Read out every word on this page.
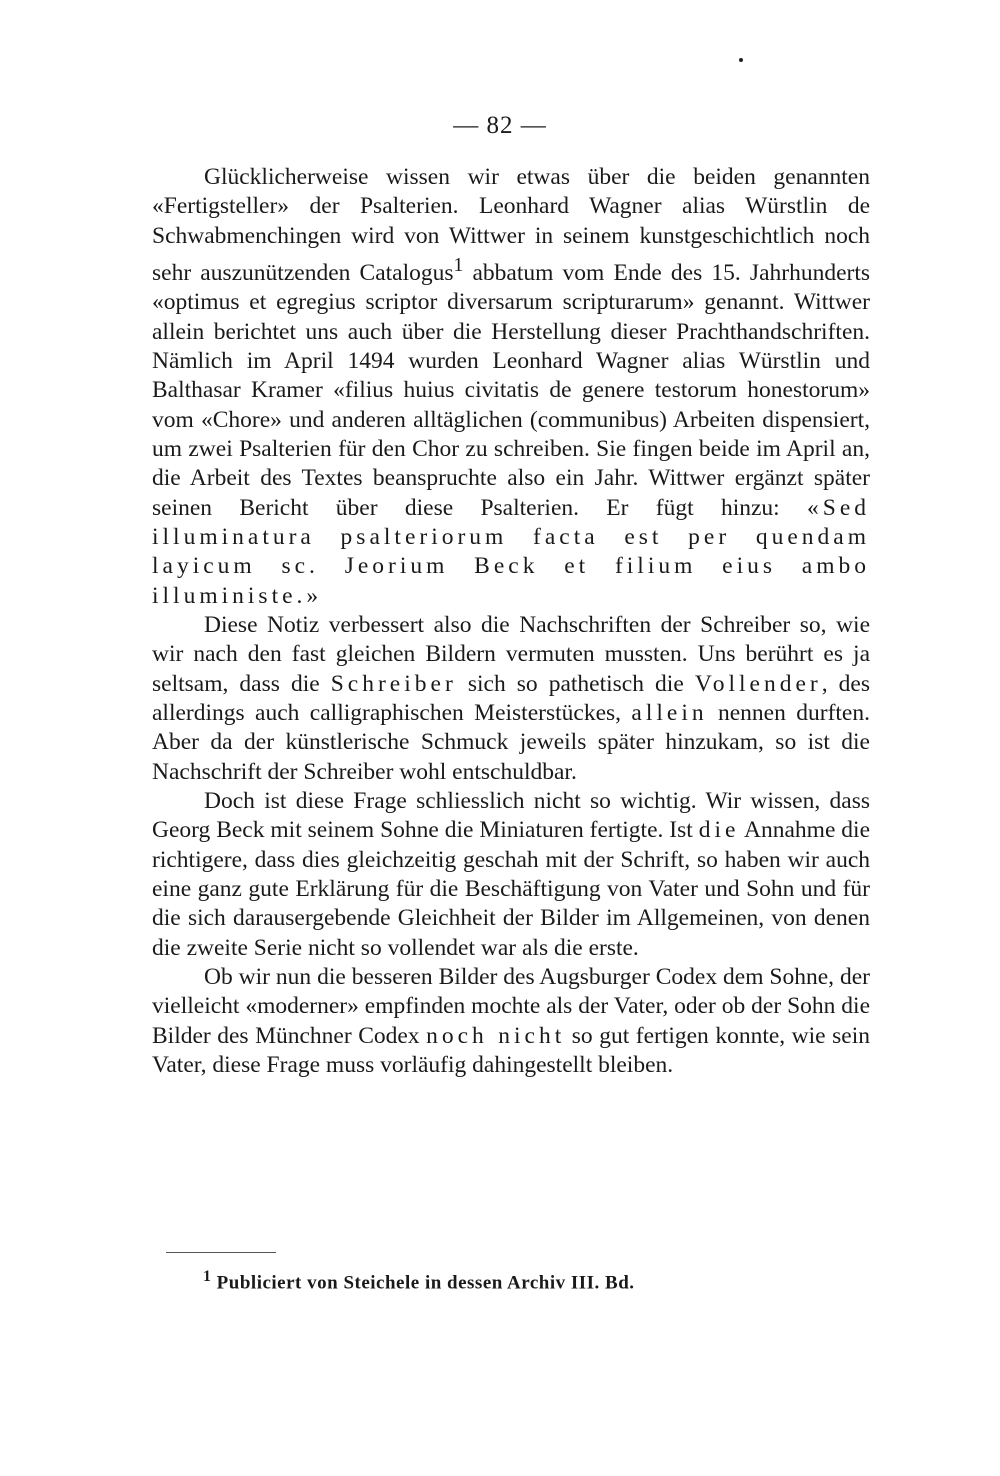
— 82 —

Glücklicherweise wissen wir etwas über die beiden genannten «Fertigsteller» der Psalterien. Leonhard Wagner alias Würstlin de Schwabmenchingen wird von Wittwer in seinem kunstgeschichtlich noch sehr auszunützenden Catalogus$^1$ abbatum vom Ende des 15. Jahrhunderts «optimus et egregius scriptor diversarum scripturarum» genannt. Wittwer allein berichtet uns auch über die Herstellung dieser Prachthandschriften. Nämlich im April 1494 wurden Leonhard Wagner alias Würstlin und Balthasar Kramer «filius huius civitatis de genere testorum honestorum» vom «Chore» und anderen alltäglichen (communibus) Arbeiten dispensiert, um zwei Psalterien für den Chor zu schreiben. Sie fingen beide im April an, die Arbeit des Textes beanspruchte also ein Jahr. Wittwer ergänzt später seinen Bericht über diese Psalterien. Er fügt hinzu: «Sed illuminatura psalteriorum facta est per quendam layicum sc. Jeorium Beck et filium eius ambo illuministe.»

Diese Notiz verbessert also die Nachschriften der Schreiber so, wie wir nach den fast gleichen Bildern vermuten mussten. Uns berührt es ja seltsam, dass die Schreiber sich so pathetisch die Vollender, des allerdings auch calligraphischen Meisterstückes, allein nennen durften. Aber da der künstlerische Schmuck jeweils später hinzukam, so ist die Nachschrift der Schreiber wohl entschuldbar.

Doch ist diese Frage schliesslich nicht so wichtig. Wir wissen, dass Georg Beck mit seinem Sohne die Miniaturen fertigte. Ist die Annahme die richtigere, dass dies gleichzeitig geschah mit der Schrift, so haben wir auch eine ganz gute Erklärung für die Beschäftigung von Vater und Sohn und für die sich darausergebende Gleichheit der Bilder im Allgemeinen, von denen die zweite Serie nicht so vollendet war als die erste.

Ob wir nun die besseren Bilder des Augsburger Codex dem Sohne, der vielleicht «moderner» empfinden mochte als der Vater, oder ob der Sohn die Bilder des Münchner Codex noch nicht so gut fertigen konnte, wie sein Vater, diese Frage muss vorläufig dahingestellt bleiben.

$^1$ Publiciert von Steichele in dessen Archiv III. Bd.
